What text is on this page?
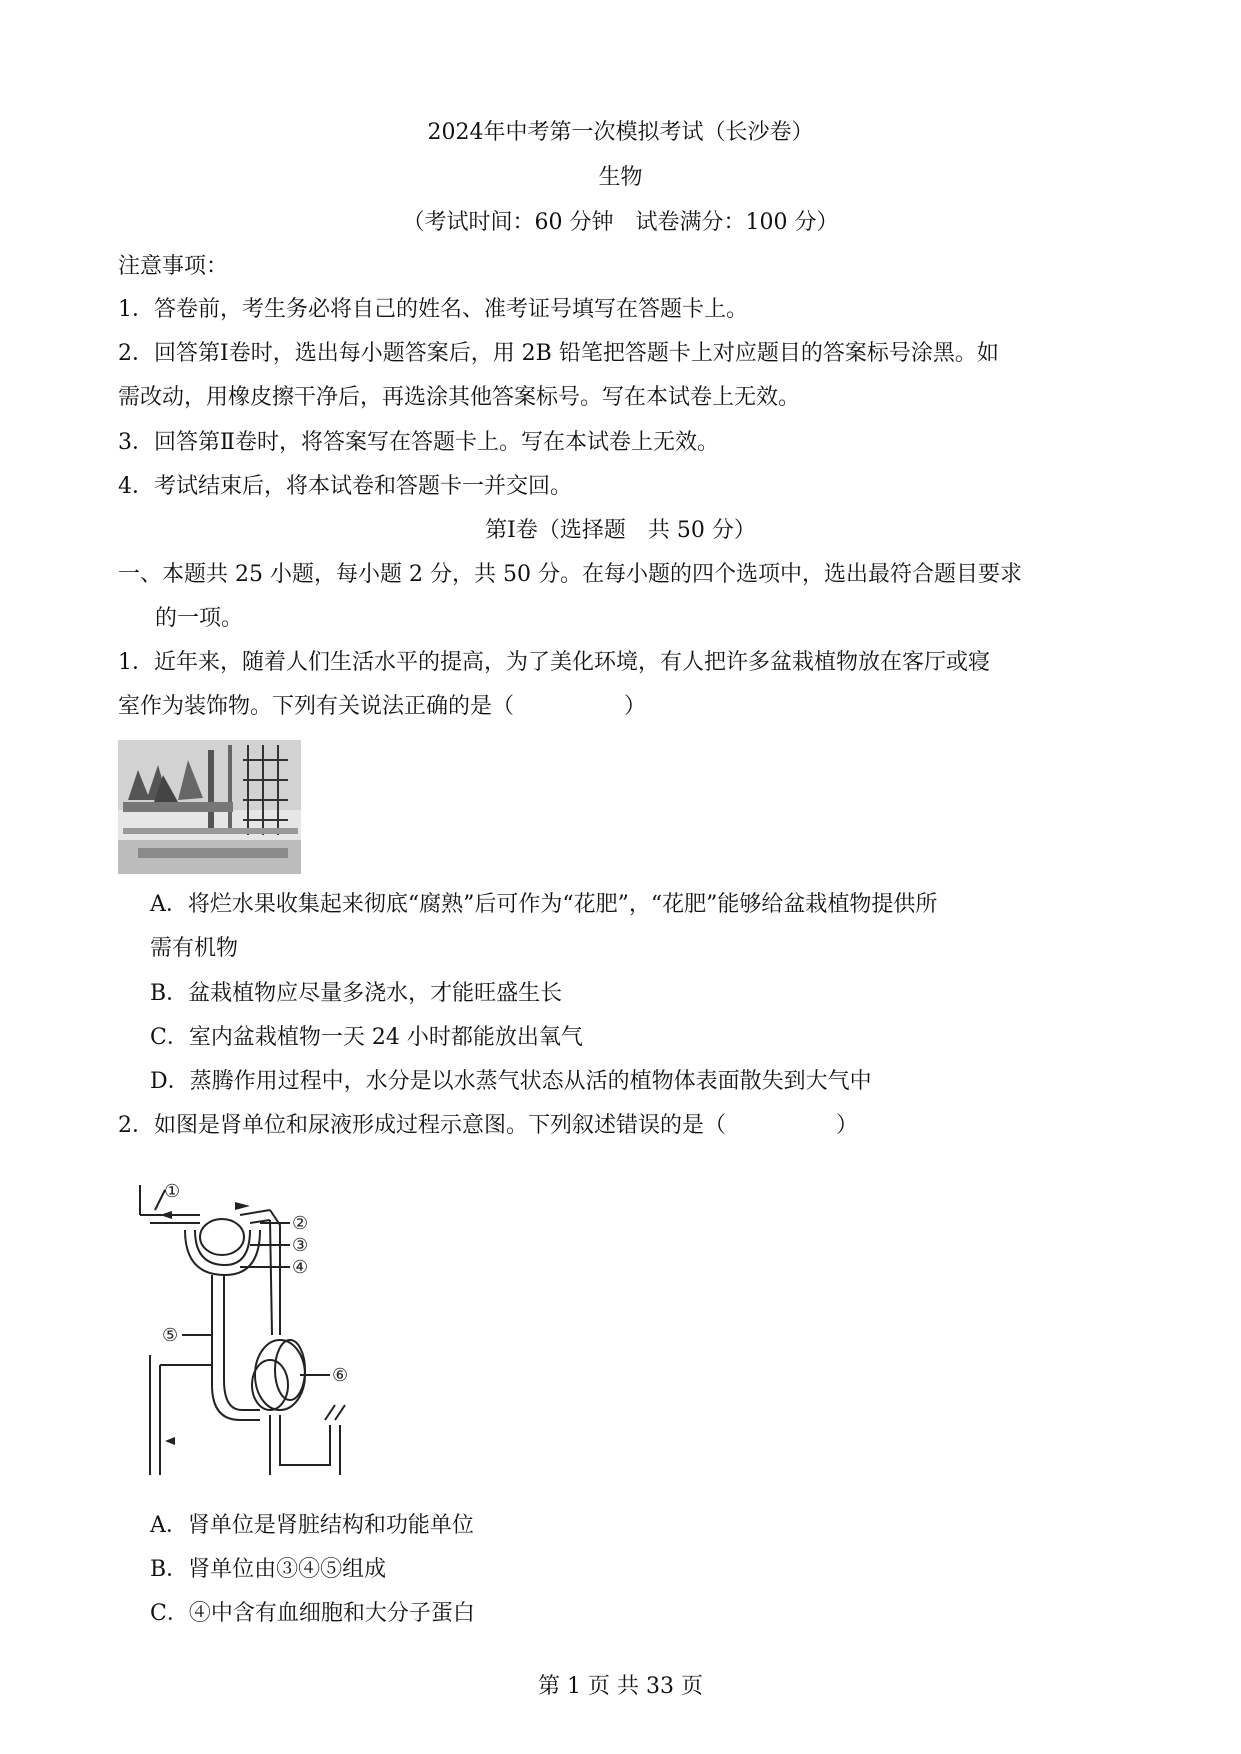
2024年中考第一次模拟考试（长沙卷）
生物
（考试时间：60 分钟　试卷满分：100 分）
注意事项：
1．答卷前，考生务必将自己的姓名、准考证号填写在答题卡上。
2．回答第Ⅰ卷时，选出每小题答案后，用 2B 铅笔把答题卡上对应题目的答案标号涂黑。如
需改动，用橡皮擦干净后，再选涂其他答案标号。写在本试卷上无效。
3．回答第Ⅱ卷时，将答案写在答题卡上。写在本试卷上无效。
4．考试结束后，将本试卷和答题卡一并交回。
第Ⅰ卷（选择题　共 50 分）
一、本题共 25 小题，每小题 2 分，共 50 分。在每小题的四个选项中，选出最符合题目要求
的一项。
1．近年来，随着人们生活水平的提高，为了美化环境，有人把许多盆栽植物放在客厅或寝
室作为装饰物。下列有关说法正确的是（　　　　　）
A．将烂水果收集起来彻底“腐熟”后可作为“花肥”，“花肥”能够给盆栽植物提供所
需有机物
B．盆栽植物应尽量多浇水，才能旺盛生长
C．室内盆栽植物一天 24 小时都能放出氧气
D．蒸腾作用过程中，水分是以水蒸气状态从活的植物体表面散失到大气中
2．如图是肾单位和尿液形成过程示意图。下列叙述错误的是（　　　　　）
①
②
③
④
⑤
⑥
A．肾单位是肾脏结构和功能单位
B．肾单位由③④⑤组成
C．④中含有血细胞和大分子蛋白
第 1 页 共 33 页
